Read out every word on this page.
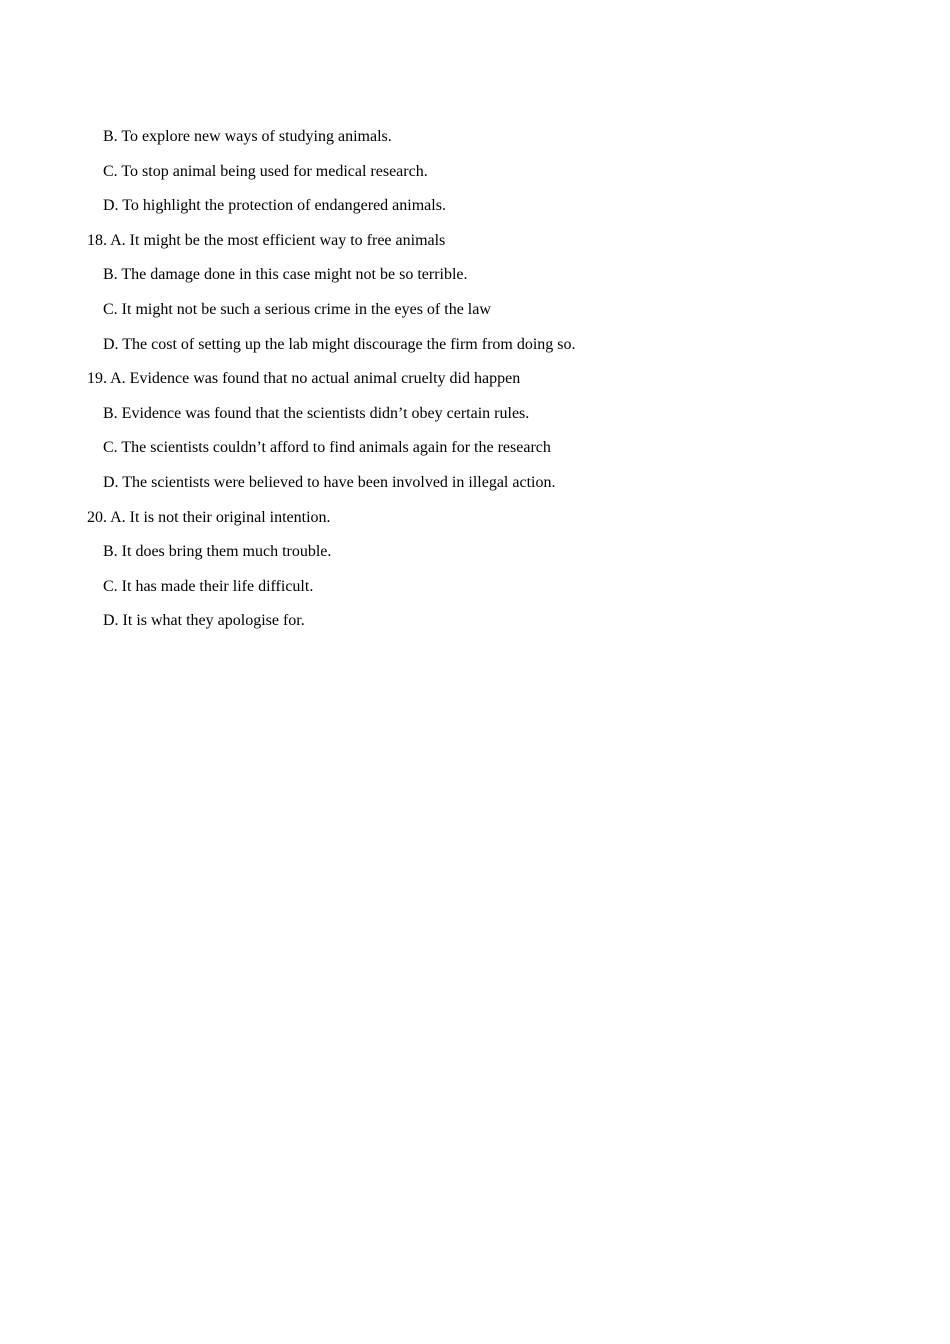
B. To explore new ways of studying animals.
C. To stop animal being used for medical research.
D. To highlight the protection of endangered animals.
18. A. It might be the most efficient way to free animals
B. The damage done in this case might not be so terrible.
C. It might not be such a serious crime in the eyes of the law
D. The cost of setting up the lab might discourage the firm from doing so.
19. A. Evidence was found that no actual animal cruelty did happen
B. Evidence was found that the scientists didn’t obey certain rules.
C. The scientists couldn’t afford to find animals again for the research
D. The scientists were believed to have been involved in illegal action.
20. A. It is not their original intention.
B. It does bring them much trouble.
C. It has made their life difficult.
D. It is what they apologise for.
